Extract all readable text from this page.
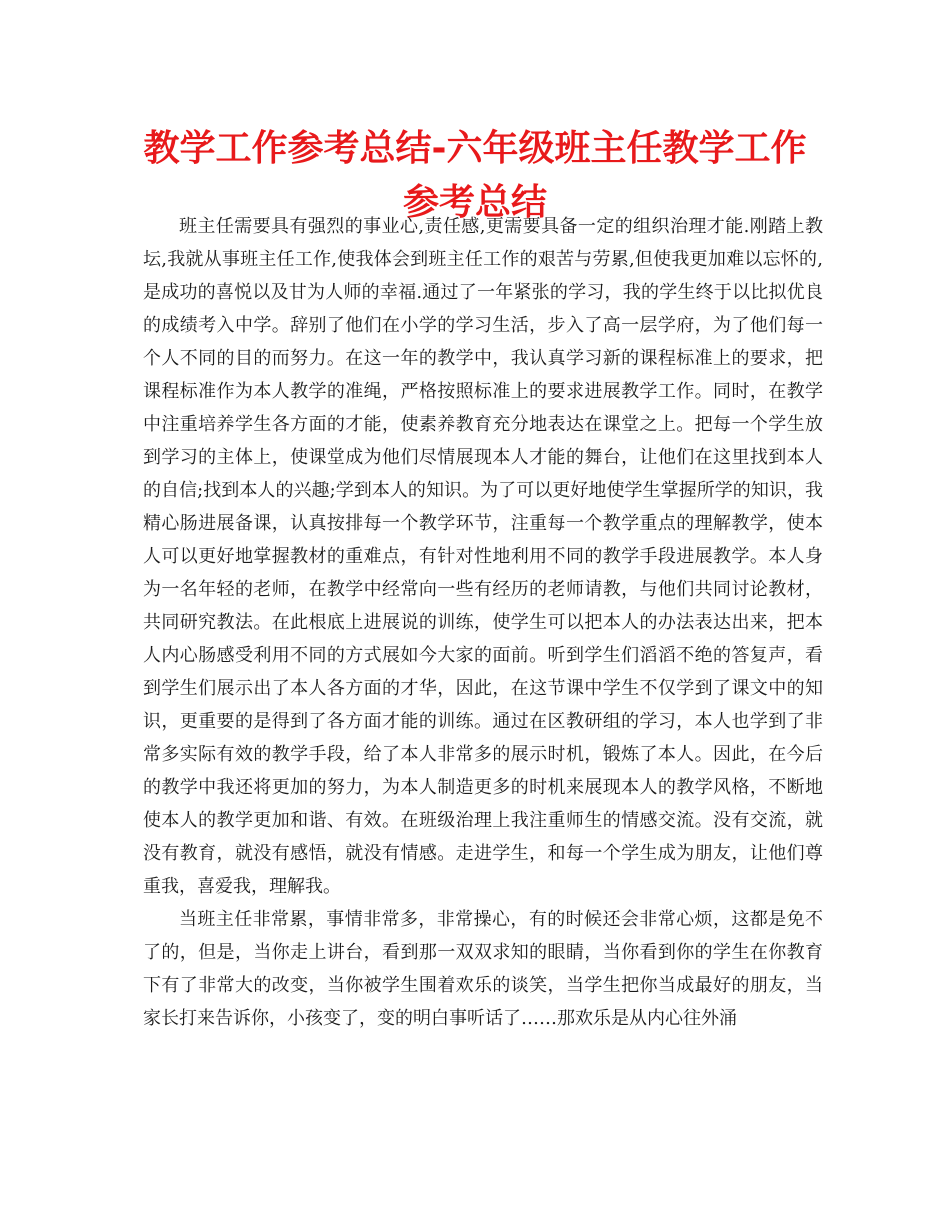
教学工作参考总结-六年级班主任教学工作参考总结

班主任需要具有强烈的事业心,责任感,更需要具备一定的组织治理才能.刚踏上教坛,我就从事班主任工作,使我体会到班主任工作的艰苦与劳累,但使我更加难以忘怀的,是成功的喜悦以及甘为人师的幸福.通过了一年紧张的学习，我的学生终于以比拟优良的成绩考入中学。辞别了他们在小学的学习生活，步入了高一层学府，为了他们每一个人不同的目的而努力。在这一年的教学中，我认真学习新的课程标准上的要求，把课程标准作为本人教学的准绳，严格按照标准上的要求进展教学工作。同时，在教学中注重培养学生各方面的才能，使素养教育充分地表达在课堂之上。把每一个学生放到学习的主体上，使课堂成为他们尽情展现本人才能的舞台，让他们在这里找到本人的自信;找到本人的兴趣;学到本人的知识。为了可以更好地使学生掌握所学的知识，我精心肠进展备课，认真按排每一个教学环节，注重每一个教学重点的理解教学，使本人可以更好地掌握教材的重难点，有针对性地利用不同的教学手段进展教学。本人身为一名年轻的老师，在教学中经常向一些有经历的老师请教，与他们共同讨论教材，共同研究教法。在此根底上进展说的训练，使学生可以把本人的办法表达出来，把本人内心肠感受利用不同的方式展如今大家的面前。听到学生们滔滔不绝的答复声，看到学生们展示出了本人各方面的才华，因此，在这节课中学生不仅学到了课文中的知识，更重要的是得到了各方面才能的训练。通过在区教研组的学习，本人也学到了非常多实际有效的教学手段，给了本人非常多的展示时机，锻炼了本人。因此，在今后的教学中我还将更加的努力，为本人制造更多的时机来展现本人的教学风格，不断地使本人的教学更加和谐、有效。在班级治理上我注重师生的情感交流。没有交流，就没有教育，就没有感悟，就没有情感。走进学生，和每一个学生成为朋友，让他们尊重我，喜爱我，理解我。

当班主任非常累，事情非常多，非常操心，有的时候还会非常心烦，这都是免不了的，但是，当你走上讲台，看到那一双双求知的眼睛，当你看到你的学生在你教育下有了非常大的改变，当你被学生围着欢乐的谈笑，当学生把你当成最好的朋友，当家长打来告诉你，小孩变了，变的明白事听话了……那欢乐是从内心往外涌
